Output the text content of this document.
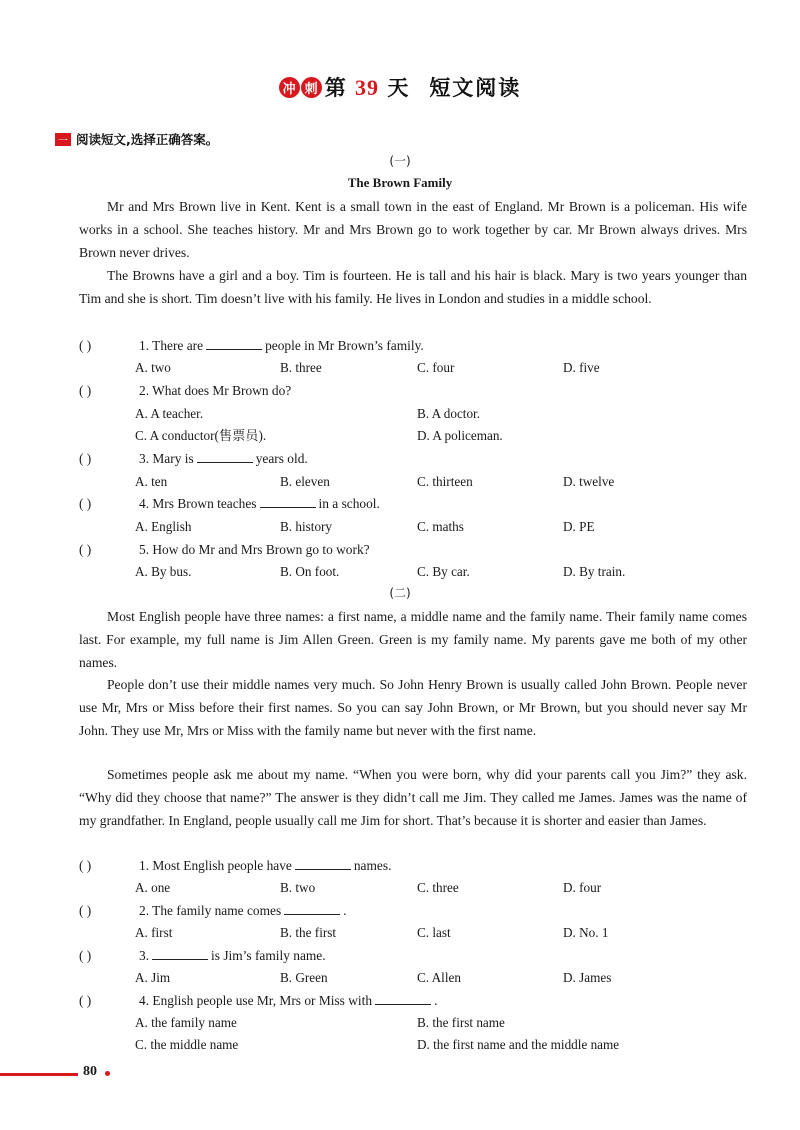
冲 刺 第 39 天 短文阅读
一 阅读短文,选择正确答案。
(一)
The Brown Family
Mr and Mrs Brown live in Kent. Kent is a small town in the east of England. Mr Brown is a policeman. His wife works in a school. She teaches history. Mr and Mrs Brown go to work together by car. Mr Brown always drives. Mrs Brown never drives.
The Browns have a girl and a boy. Tim is fourteen. He is tall and his hair is black. Mary is two years younger than Tim and she is short. Tim doesn’t live with his family. He lives in London and studies in a middle school.
( )	1. There are	people in Mr Brown’s family.
A. two	B. three	C. four	D. five
( )	2. What does Mr Brown do?
A. A teacher.	B. A doctor.
C. A conductor(售票员).	D. A policeman.
( )	3. Mary is	years old.
A. ten	B. eleven	C. thirteen	D. twelve
( )	4. Mrs Brown teaches	in a school.
A. English	B. history	C. maths	D. PE
( )	5. How do Mr and Mrs Brown go to work?
A. By bus.	B. On foot.	C. By car.	D. By train.
(二)
Most English people have three names: a first name, a middle name and the family name. Their family name comes last. For example, my full name is Jim Allen Green. Green is my family name. My parents gave me both of my other names.
People don’t use their middle names very much. So John Henry Brown is usually called John Brown. People never use Mr, Mrs or Miss before their first names. So you can say John Brown, or Mr Brown, but you should never say Mr John. They use Mr, Mrs or Miss with the family name but never with the first name.
Sometimes people ask me about my name. “When you were born, why did your parents call you Jim?” they ask. “Why did they choose that name?” The answer is they didn’t call me Jim. They called me James. James was the name of my grandfather. In England, people usually call me Jim for short. That’s because it is shorter and easier than James.
( )	1. Most English people have	names.
A. one	B. two	C. three	D. four
( )	2. The family name comes	.
A. first	B. the first	C. last	D. No. 1
( )	3.	is Jim’s family name.
A. Jim	B. Green	C. Allen	D. James
( )	4. English people use Mr, Mrs or Miss with	.
A. the family name	B. the first name
C. the middle name	D. the first name and the middle name
80
